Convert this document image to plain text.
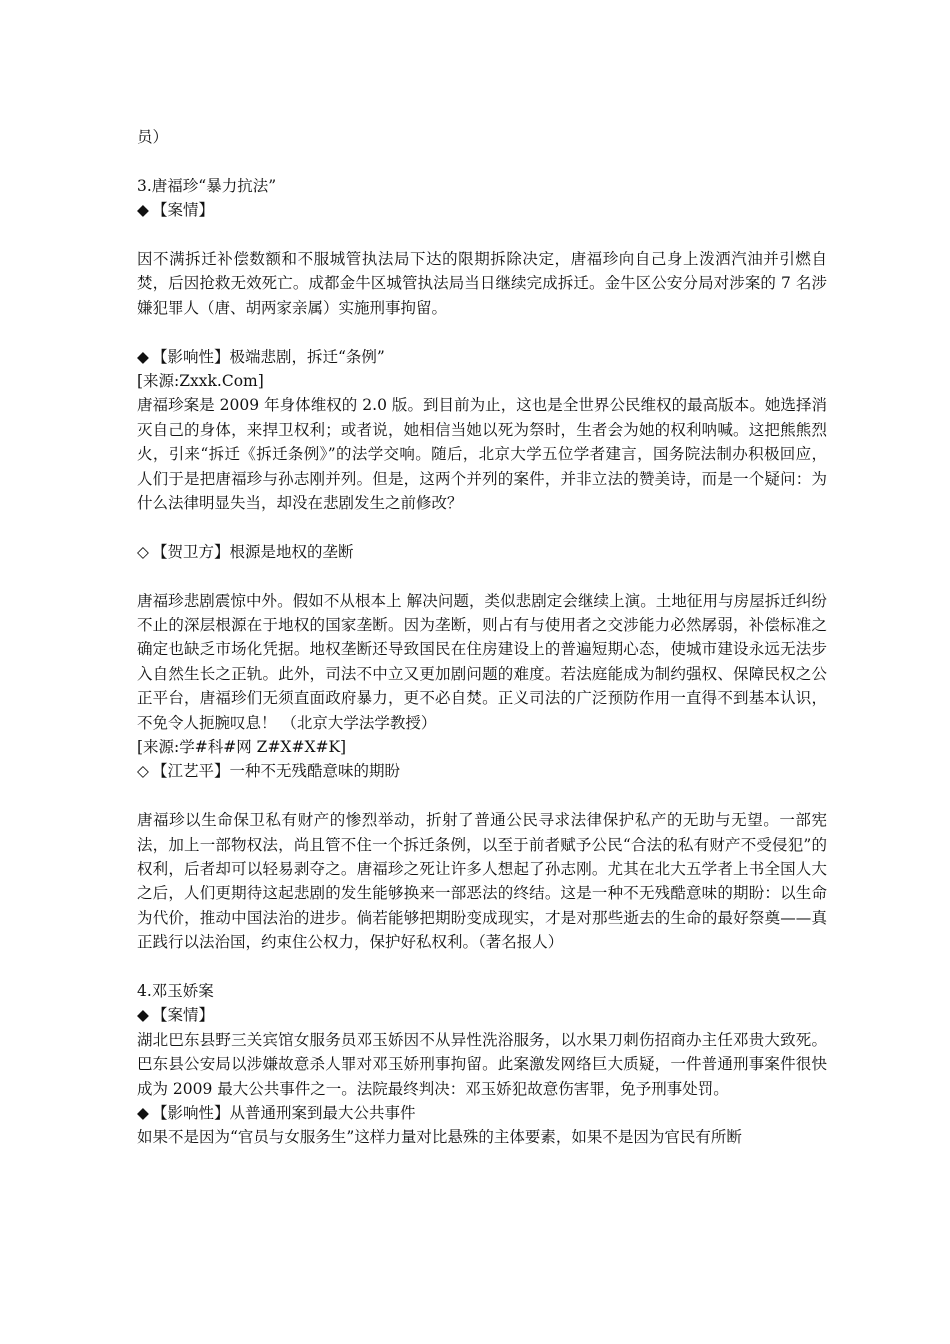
员）
3.唐福珍“暴力抗法”
◆ 【案情】

因不满拆迁补偿数额和不服城管执法局下达的限期拆除决定，唐福珍向自己身上泼洒汽油并引燃自焚，后因抢救无效死亡。成都金牛区城管执法局当日继续完成拆迁。金牛区公安分局对涉案的 7 名涉嫌犯罪人（唐、胡两家亲属）实施刑事拘留。

◆ 【影响性】极端悲剧，拆迁“条例”
[来源:Zxxk.Com]

唐福珍案是 2009 年身体维权的 2.0 版。到目前为止，这也是全世界公民维权的最高版本。她选择消灭自己的身体，来捍卫权利；或者说，她相信当她以死为祭时，生者会为她的权利呐喊。这把熊熊烈火，引来“拆迁《拆迁条例》”的法学交响。随后，北京大学五位学者建言，国务院法制办积极回应，人们于是把唐福珍与孙志刚并列。但是，这两个并列的案件，并非立法的赞美诗，而是一个疑问：为什么法律明显失当，却没在悲剧发生之前修改？

◇ 【贺卫方】根源是地权的垄断

唐福珍悲剧震惊中外。假如不从根本上 解决问题，类似悲剧定会继续上演。土地征用与房屋拆迁纠纷不止的深层根源在于地权的国家垄断。因为垄断，则占有与使用者之交涉能力必然孱弱，补偿标准之确定也缺乏市场化凭据。地权垄断还导致国民在住房建设上的普遍短期心态，使城市建设永远无法步入自然生长之正轨。此外，司法不中立又更加剧问题的难度。若法庭能成为制约强权、保障民权之公正平台，唐福珍们无须直面政府暴力，更不必自焚。正义司法的广泛预防作用一直得不到基本认识，不免令人扼腕叹息！ （北京大学法学教授）

[来源:学#科#网 Z#X#X#K]
◇ 【江艺平】一种不无残酷意味的期盼

唐福珍以生命保卫私有财产的惨烈举动，折射了普通公民寻求法律保护私产的无助与无望。一部宪法，加上一部物权法，尚且管不住一个拆迁条例，以至于前者赋予公民“合法的私有财产不受侵犯”的权利，后者却可以轻易剥夺之。唐福珍之死让许多人想起了孙志刚。尤其在北大五学者上书全国人大之后，人们更期待这起悲剧的发生能够换来一部恶法的终结。这是一种不无残酷意味的期盼：以生命为代价，推动中国法治的进步。倘若能够把期盼变成现实，才是对那些逝去的生命的最好祭奠——真正践行以法治国，约束住公权力，保护好私权利。（著名报人）

4.邓玉娇案
◆ 【案情】

湖北巴东县野三关宾馆女服务员邓玉娇因不从异性洗浴服务，以水果刀刺伤招商办主任邓贵大致死。巴东县公安局以涉嫌故意杀人罪对邓玉娇刑事拘留。此案激发网络巨大质疑，一件普通刑事案件很快成为 2009 最大公共事件之一。法院最终判决：邓玉娇犯故意伤害罪，免予刑事处罚。

◆ 【影响性】从普通刑案到最大公共事件

如果不是因为“官员与女服务生”这样力量对比悬殊的主体要素，如果不是因为官民有所断
